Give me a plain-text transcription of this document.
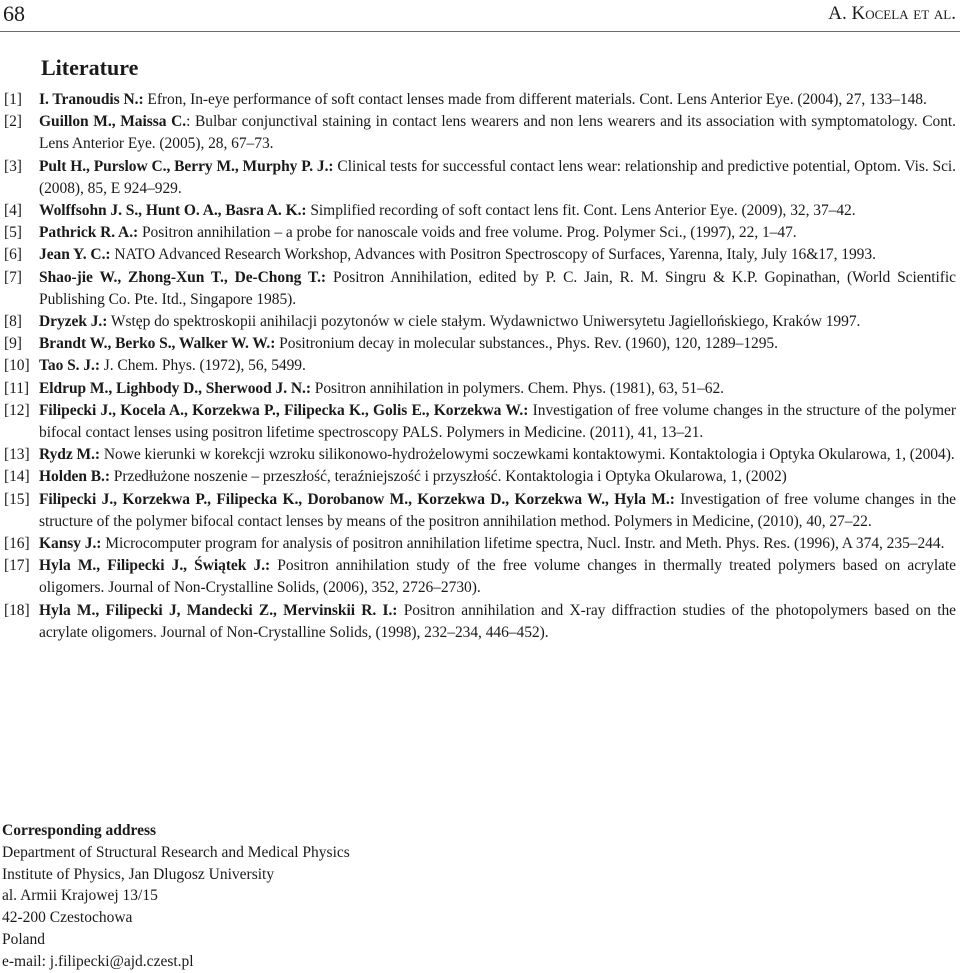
68	A. Kocela et al.
Literature
[1]	I. Tranoudis N.: Efron, In-eye performance of soft contact lenses made from different materials. Cont. Lens Anterior Eye. (2004), 27, 133–148.
[2]	Guillon M., Maissa C.: Bulbar conjunctival staining in contact lens wearers and non lens wearers and its association with symptomatology. Cont. Lens Anterior Eye. (2005), 28, 67–73.
[3]	Pult H., Purslow C., Berry M., Murphy P. J.: Clinical tests for successful contact lens wear: relationship and predictive potential, Optom. Vis. Sci. (2008), 85, E 924–929.
[4]	Wolffsohn J. S., Hunt O. A., Basra A. K.: Simplified recording of soft contact lens fit. Cont. Lens Anterior Eye. (2009), 32, 37–42.
[5]	Pathrick R. A.: Positron annihilation – a probe for nanoscale voids and free volume. Prog. Polymer Sci., (1997), 22, 1–47.
[6]	Jean Y. C.: NATO Advanced Research Workshop, Advances with Positron Spectroscopy of Surfaces, Yarenna, Italy, July 16&17, 1993.
[7]	Shao-jie W., Zhong-Xun T., De-Chong T.: Positron Annihilation, edited by P. C. Jain, R. M. Singru & K.P. Gopinathan, (World Scientific Publishing Co. Pte. Itd., Singapore 1985).
[8]	Dryzek J.: Wstęp do spektroskopii anihilacji pozytonów w ciele stałym. Wydawnictwo Uniwersytetu Jagiellońskiego, Kraków 1997.
[9]	Brandt W., Berko S., Walker W. W.: Positronium decay in molecular substances., Phys. Rev. (1960), 120, 1289–1295.
[10] Tao S. J.: J. Chem. Phys. (1972), 56, 5499.
[11] Eldrup M., Lighbody D., Sherwood J. N.: Positron annihilation in polymers. Chem. Phys. (1981), 63, 51–62.
[12] Filipecki J., Kocela A., Korzekwa P., Filipecka K., Golis E., Korzekwa W.: Investigation of free volume changes in the structure of the polymer bifocal contact lenses using positron lifetime spectroscopy PALS. Polymers in Medicine. (2011), 41, 13–21.
[13] Rydz M.: Nowe kierunki w korekcji wzroku silikonowo-hydrożelowymi soczewkami kontaktowymi. Kontaktologia i Optyka Okularowa, 1, (2004).
[14] Holden B.: Przedłużone noszenie – przeszłość, teraźniejszość i przyszłość. Kontaktologia i Optyka Okularowa, 1, (2002)
[15] Filipecki J., Korzekwa P., Filipecka K., Dorobanow M., Korzekwa D., Korzekwa W., Hyla M.: Investigation of free volume changes in the structure of the polymer bifocal contact lenses by means of the positron annihilation method. Polymers in Medicine, (2010), 40, 27–22.
[16] Kansy J.: Microcomputer program for analysis of positron annihilation lifetime spectra, Nucl. Instr. and Meth. Phys. Res. (1996), A 374, 235–244.
[17] Hyla M., Filipecki J., Świątek J.: Positron annihilation study of the free volume changes in thermally treated polymers based on acrylate oligomers. Journal of Non-Crystalline Solids, (2006), 352, 2726–2730).
[18] Hyla M., Filipecki J, Mandecki Z., Mervinskii R. I.: Positron annihilation and X-ray diffraction studies of the photopolymers based on the acrylate oligomers. Journal of Non-Crystalline Solids, (1998), 232–234, 446–452).
Corresponding address
Department of Structural Research and Medical Physics
Institute of Physics, Jan Dlugosz University
al. Armii Krajowej 13/15
42-200 Czestochowa
Poland
e-mail: j.filipecki@ajd.czest.pl
